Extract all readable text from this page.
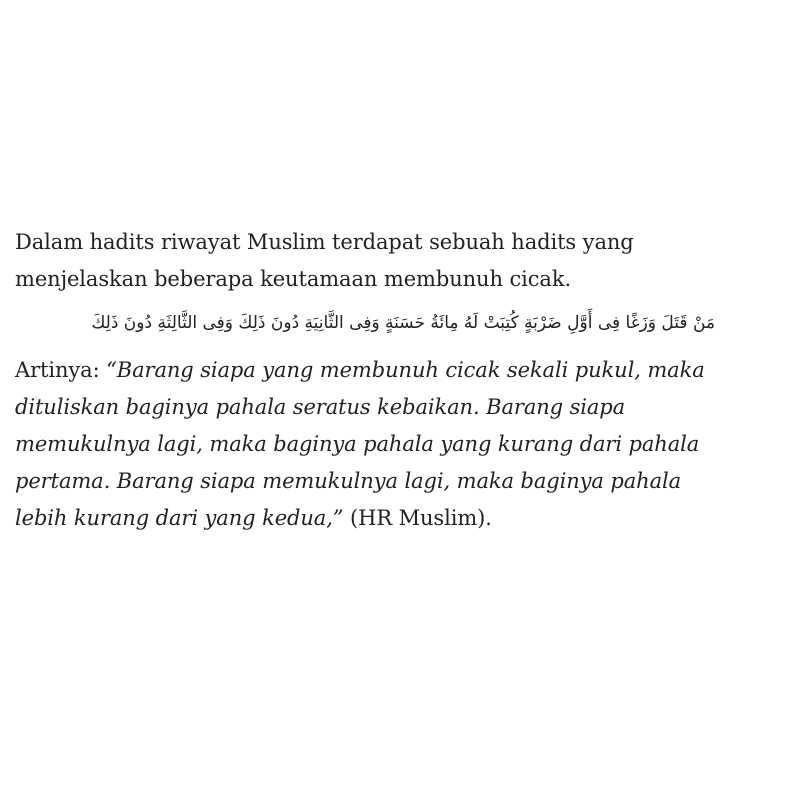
Dalam hadits riwayat Muslim terdapat sebuah hadits yang
menjelaskan beberapa keutamaan membunuh cicak.

مَنْ قَتَلَ وَزَغًا فِى أَوَّلِ ضَرْبَةٍ كُتِبَتْ لَهُ مِائَةُ حَسَنَةٍ وَفِى الثَّانِيَةِ دُونَ ذَلِكَ وَفِى الثَّالِثَةِ دُونَ ذَلِكَ

Artinya: “Barang siapa yang membunuh cicak sekali pukul, maka
dituliskan baginya pahala seratus kebaikan. Barang siapa
memukulnya lagi, maka baginya pahala yang kurang dari pahala
pertama. Barang siapa memukulnya lagi, maka baginya pahala
lebih kurang dari yang kedua,” (HR Muslim).
